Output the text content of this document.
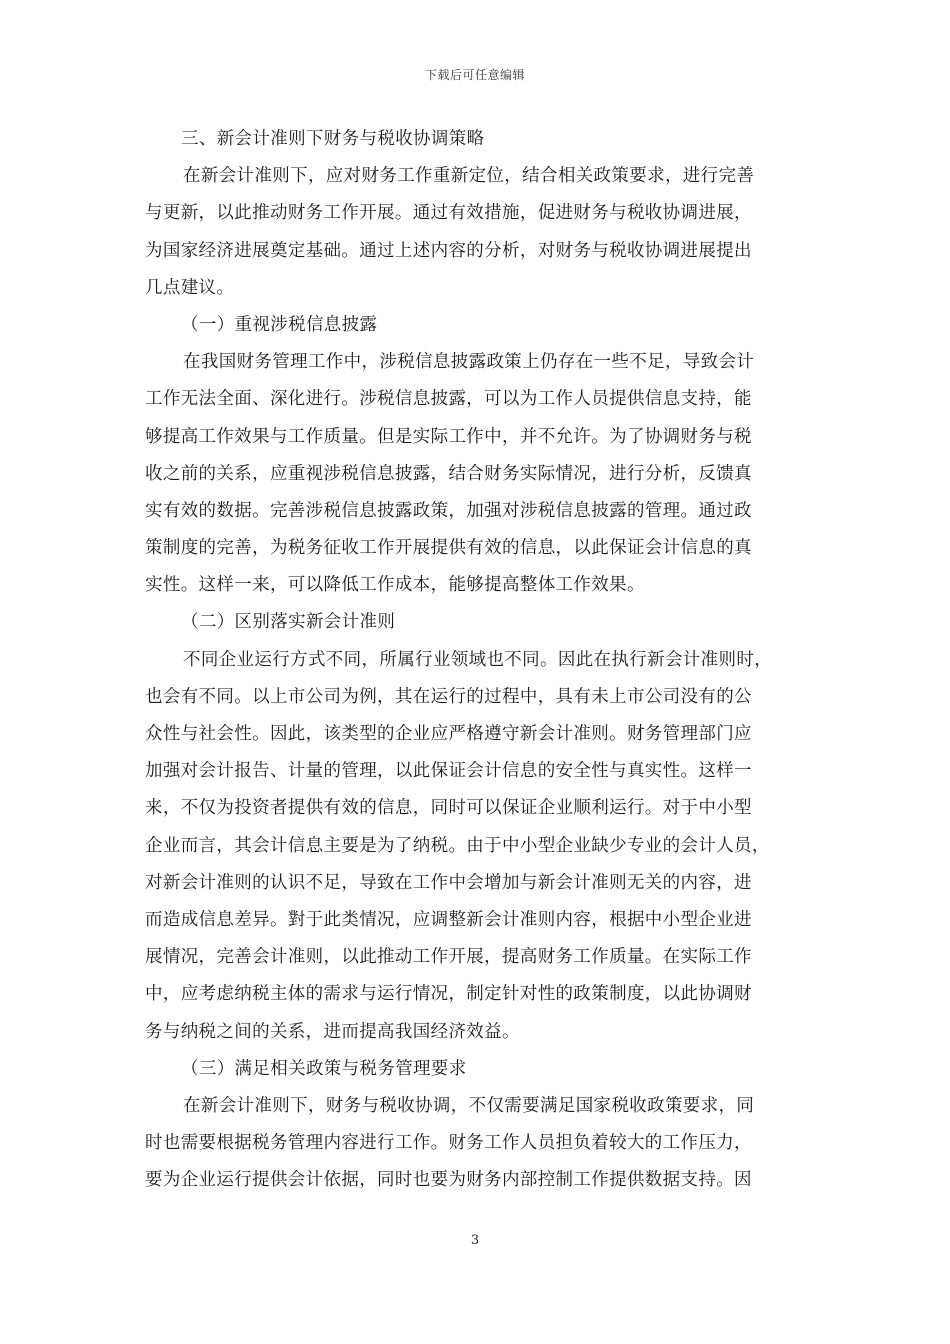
下载后可任意编辑
三、新会计准则下财务与税收协调策略
在新会计准则下，应对财务工作重新定位，结合相关政策要求，进行完善
与更新，以此推动财务工作开展。通过有效措施，促进财务与税收协调进展，
为国家经济进展奠定基础。通过上述内容的分析，对财务与税收协调进展提出
几点建议。
（一）重视涉税信息披露
在我国财务管理工作中，涉税信息披露政策上仍存在一些不足，导致会计
工作无法全面、深化进行。涉税信息披露，可以为工作人员提供信息支持，能
够提高工作效果与工作质量。但是实际工作中，并不允许。为了协调财务与税
收之前的关系，应重视涉税信息披露，结合财务实际情况，进行分析，反馈真
实有效的数据。完善涉税信息披露政策，加强对涉税信息披露的管理。通过政
策制度的完善，为税务征收工作开展提供有效的信息，以此保证会计信息的真
实性。这样一来，可以降低工作成本，能够提高整体工作效果。
（二）区别落实新会计准则
不同企业运行方式不同，所属行业领域也不同。因此在执行新会计准则时，
也会有不同。以上市公司为例，其在运行的过程中，具有未上市公司没有的公
众性与社会性。因此，该类型的企业应严格遵守新会计准则。财务管理部门应
加强对会计报告、计量的管理，以此保证会计信息的安全性与真实性。这样一
来，不仅为投资者提供有效的信息，同时可以保证企业顺利运行。对于中小型
企业而言，其会计信息主要是为了纳税。由于中小型企业缺少专业的会计人员，
对新会计准则的认识不足，导致在工作中会增加与新会计准则无关的内容，进
而造成信息差异。對于此类情况，应调整新会计准则内容，根据中小型企业进
展情况，完善会计准则，以此推动工作开展，提高财务工作质量。在实际工作
中，应考虑纳税主体的需求与运行情况，制定针对性的政策制度，以此协调财
务与纳税之间的关系，进而提高我国经济效益。
（三）满足相关政策与税务管理要求
在新会计准则下，财务与税收协调，不仅需要满足国家税收政策要求，同
时也需要根据税务管理内容进行工作。财务工作人员担负着较大的工作压力，
要为企业运行提供会计依据，同时也要为财务内部控制工作提供数据支持。因
3
